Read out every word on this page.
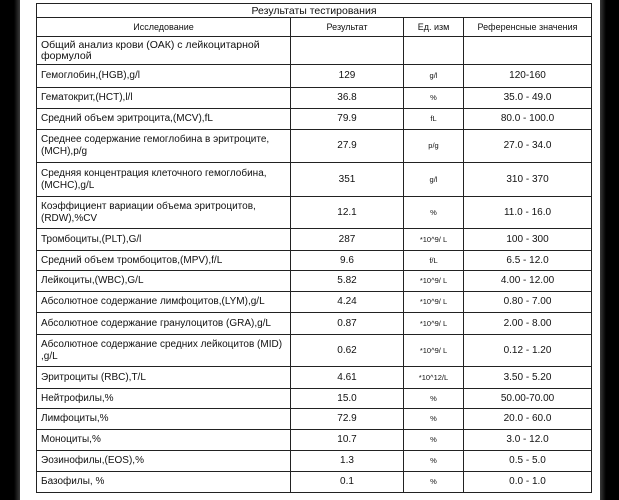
Результаты тестирования			
Исследование	Результат	Ед. изм	Референсные значения
Общий анализ крови (ОАК) с лейкоцитарной формулой			
Гемоглобин,(HGB),g/l	129	g/l	120-160
Гематокрит,(HCT),l/l	36.8	%	35.0 - 49.0
Средний объем эритроцита,(MCV),fL	79.9	fL	80.0 - 100.0
Среднее содержание гемоглобина в эритроците, (MCH),p/g	27.9	p/g	27.0 - 34.0
Средняя концентрация клеточного гемоглобина, (MCHC),g/L	351	g/l	310 - 370
Коэффициент вариации объема эритроцитов, (RDW),%CV	12.1	%	11.0 - 16.0
Тромбоциты,(PLT),G/l	287	*10^9/ L	100 - 300
Средний объем тромбоцитов,(MPV),f/L	9.6	f/L	6.5 - 12.0
Лейкоциты,(WBC),G/L	5.82	*10^9/ L	4.00 - 12.00
Абсолютное содержание лимфоцитов,(LYM),g/L	4.24	*10^9/ L	0.80 - 7.00
Абсолютное содержание гранулоцитов (GRA),g/L	0.87	*10^9/ L	2.00 - 8.00
Абсолютное содержание средних лейкоцитов (MID) ,g/L	0.62	*10^9/ L	0.12 - 1.20
Эритроциты (RBC),T/L	4.61	*10^12/L	3.50 - 5.20
Нейтрофилы,%	15.0	%	50.00-70.00
Лимфоциты,%	72.9	%	20.0 - 60.0
Моноциты,%	10.7	%	3.0 - 12.0
Эозинофилы,(EOS),%	1.3	%	0.5 - 5.0
Базофилы, %	0.1	%	0.0 - 1.0
